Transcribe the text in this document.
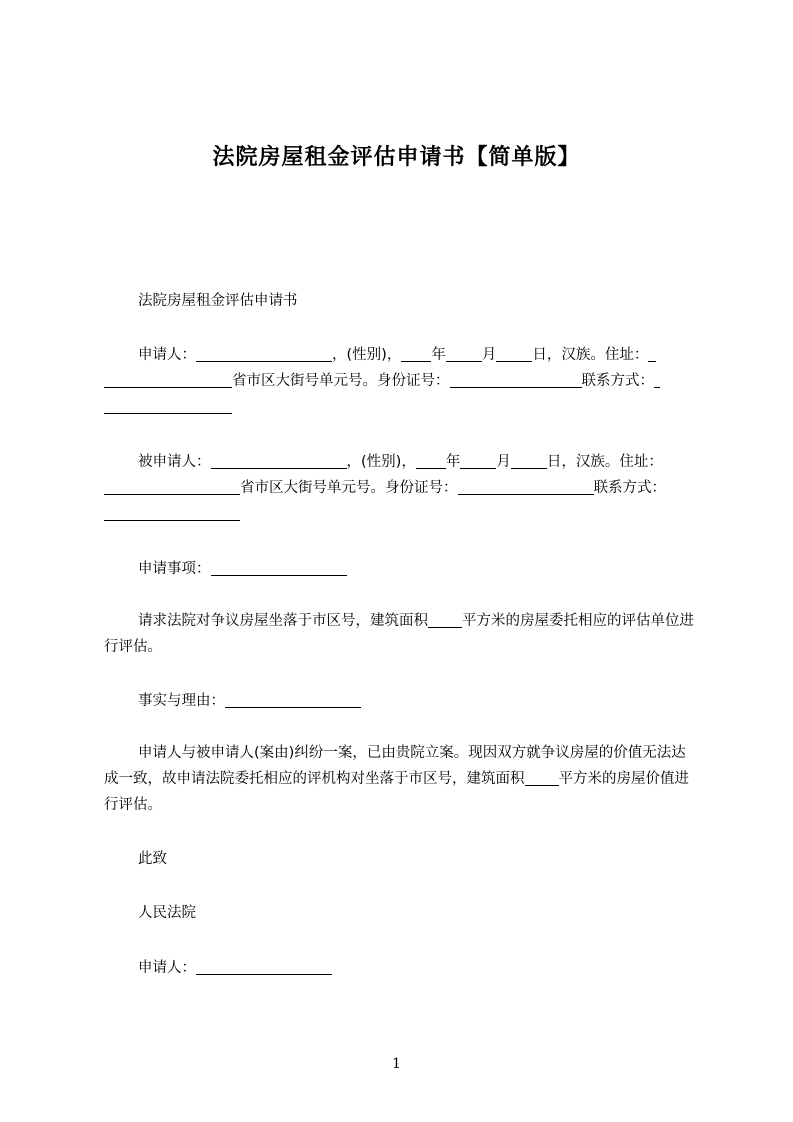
法院房屋租金评估申请书【简单版】
法院房屋租金评估申请书
申请人：	，(性别)， 年 月 日，汉族。住址：省市区大街号单元号。身份证号：	联系方式：
被申请人：	，(性别)， 年 月 日，汉族。住址：省市区大街号单元号。身份证号：	联系方式：
申请事项：
请求法院对争议房屋坐落于市区号，建筑面积 平方米的房屋委托相应的评估单位进行评估。
事实与理由：
申请人与被申请人(案由)纠纷一案，已由贵院立案。现因双方就争议房屋的价值无法达成一致，故申请法院委托相应的评机构对坐落于市区号，建筑面积 平方米的房屋价值进行评估。
此致
人民法院
申请人：
1
